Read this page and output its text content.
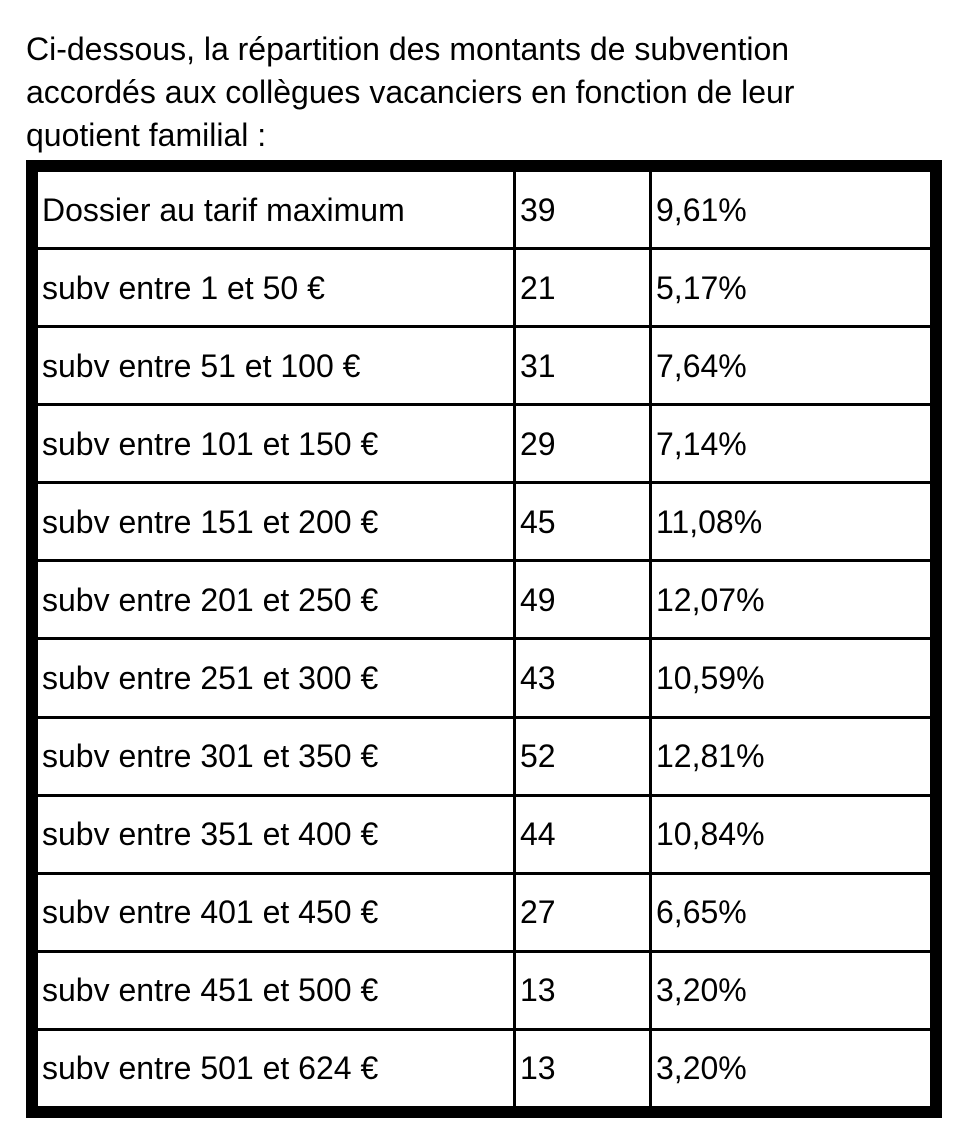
Ci-dessous, la répartition des montants de subvention
accordés aux collègues vacanciers en fonction de leur
quotient familial :

Dossier au tarif maximum	39	9,61%
subv entre 1 et 50 €	21	5,17%
subv entre 51 et 100 €	31	7,64%
subv entre 101 et 150 €	29	7,14%
subv entre 151 et 200 €	45	11,08%
subv entre 201 et 250 €	49	12,07%
subv entre 251 et 300 €	43	10,59%
subv entre 301 et 350 €	52	12,81%
subv entre 351 et 400 €	44	10,84%
subv entre 401 et 450 €	27	6,65%
subv entre 451 et 500 €	13	3,20%
subv entre 501 et 624 €	13	3,20%
